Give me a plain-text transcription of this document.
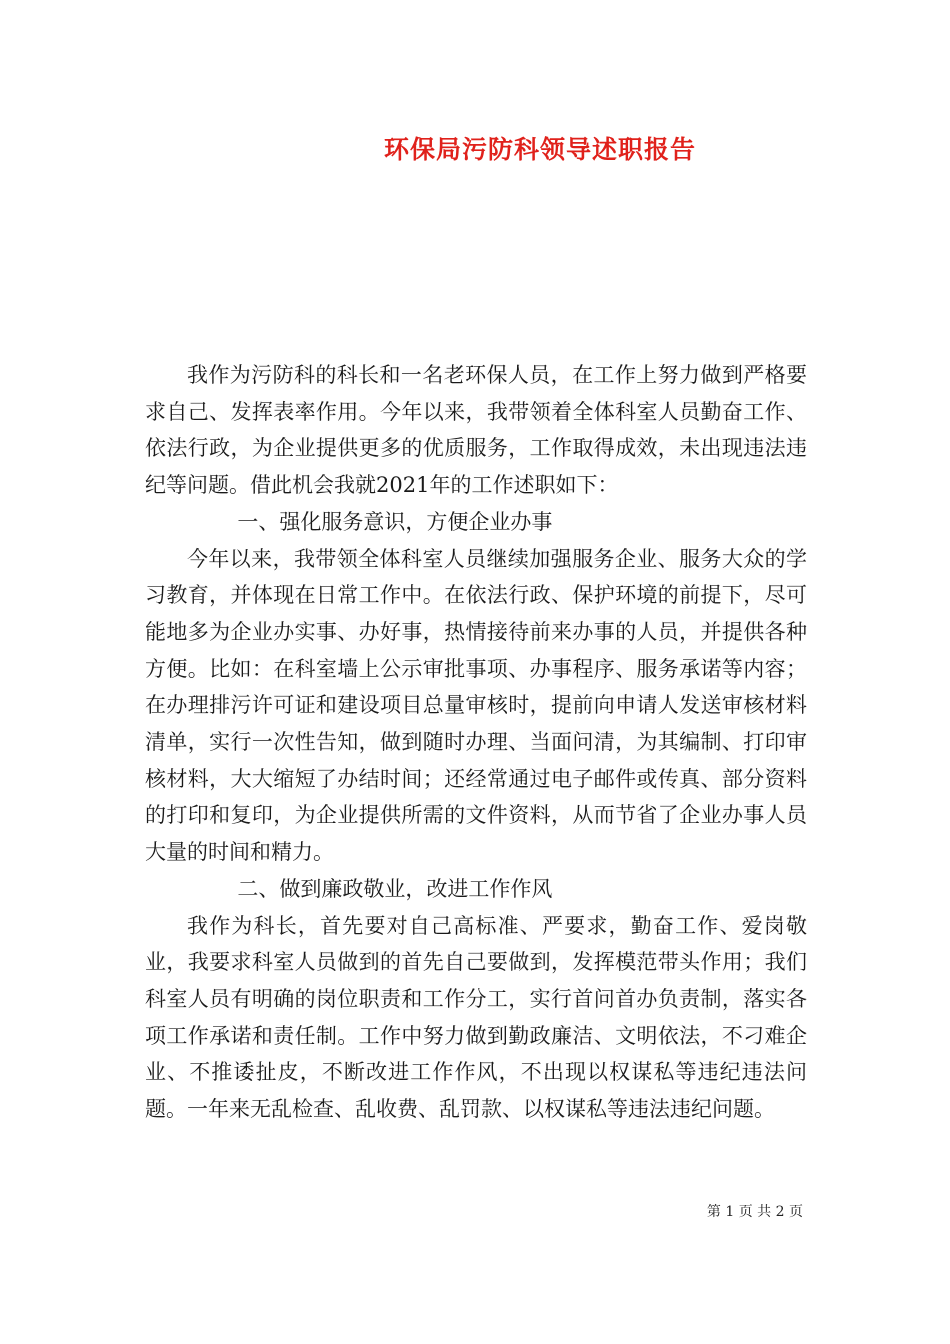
环保局污防科领导述职报告

我作为污防科的科长和一名老环保人员，在工作上努力做到严格要求自己、发挥表率作用。今年以来，我带领着全体科室人员勤奋工作、依法行政，为企业提供更多的优质服务，工作取得成效，未出现违法违纪等问题。借此机会我就2021年的工作述职如下：

一、强化服务意识，方便企业办事

今年以来，我带领全体科室人员继续加强服务企业、服务大众的学习教育，并体现在日常工作中。在依法行政、保护环境的前提下，尽可能地多为企业办实事、办好事，热情接待前来办事的人员，并提供各种方便。比如：在科室墙上公示审批事项、办事程序、服务承诺等内容；在办理排污许可证和建设项目总量审核时，提前向申请人发送审核材料清单，实行一次性告知，做到随时办理、当面问清，为其编制、打印审核材料，大大缩短了办结时间；还经常通过电子邮件或传真、部分资料的打印和复印，为企业提供所需的文件资料，从而节省了企业办事人员大量的时间和精力。

二、做到廉政敬业，改进工作作风

我作为科长，首先要对自己高标准、严要求，勤奋工作、爱岗敬业，我要求科室人员做到的首先自己要做到，发挥模范带头作用；我们科室人员有明确的岗位职责和工作分工，实行首问首办负责制，落实各项工作承诺和责任制。工作中努力做到勤政廉洁、文明依法，不刁难企业、不推诿扯皮，不断改进工作作风，不出现以权谋私等违纪违法问题。一年来无乱检查、乱收费、乱罚款、以权谋私等违法违纪问题。

第 1 页 共 2 页
